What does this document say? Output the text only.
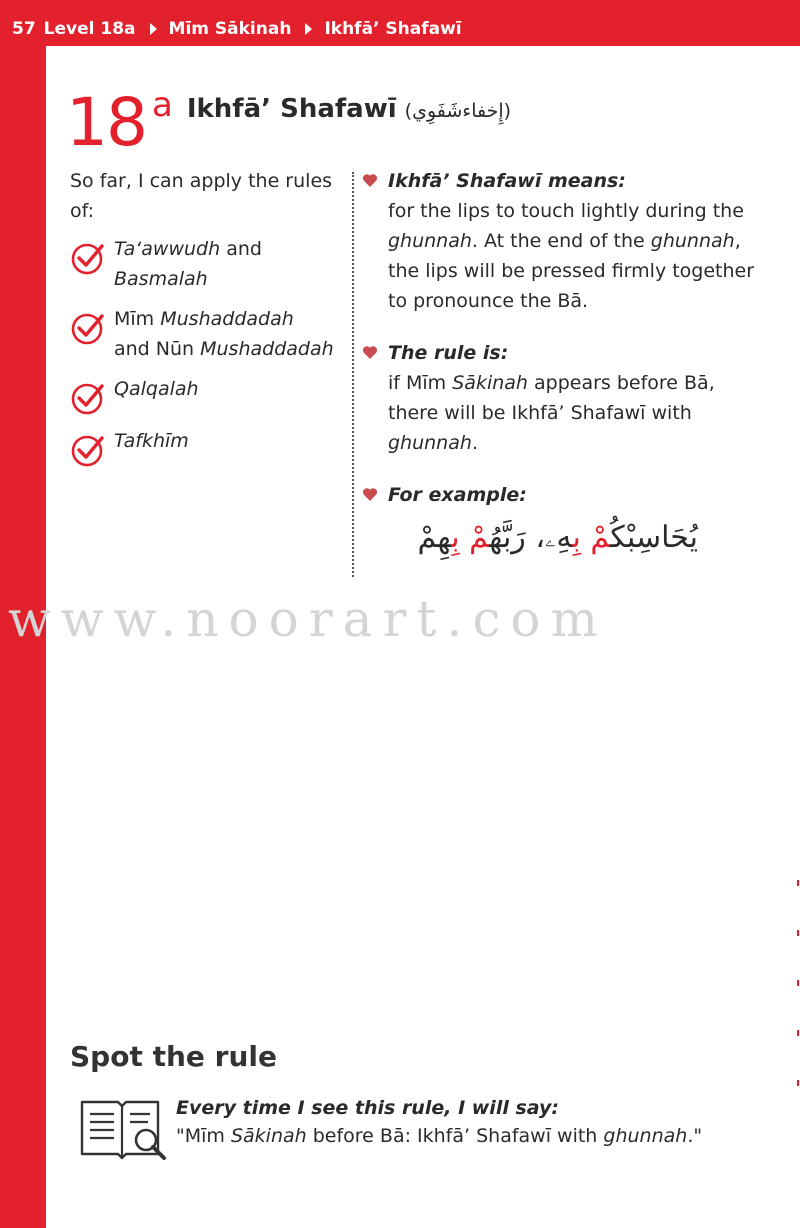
57 Level 18a Mīm Sākinah Ikhfā’ Shafawī
18 a Ikhfā’ Shafawī (إِخفاءشَفَوِي)

So far, I can apply the rules of:

Ta‘awwudh and
Basmalah
Mīm Mushaddadah
and Nūn Mushaddadah
Qalqalah
Tafkhīm
Ikhfā’ Shafawī means:
for the lips to touch lightly during the ghunnah. At the end of the ghunnah, the lips will be pressed firmly together to pronounce the Bā.
The rule is:
if Mīm Sākinah appears before Bā, there will be Ikhfā’ Shafawī with ghunnah.
For example:
يُحَاسِبْكُمْ بِهِۦ، رَبَّهُمْ بِهِمْ
www.noorart.com
Spot the rule
Every time I see this rule, I will say:
"Mīm Sākinah before Bā: Ikhfā’ Shafawī with ghunnah."
